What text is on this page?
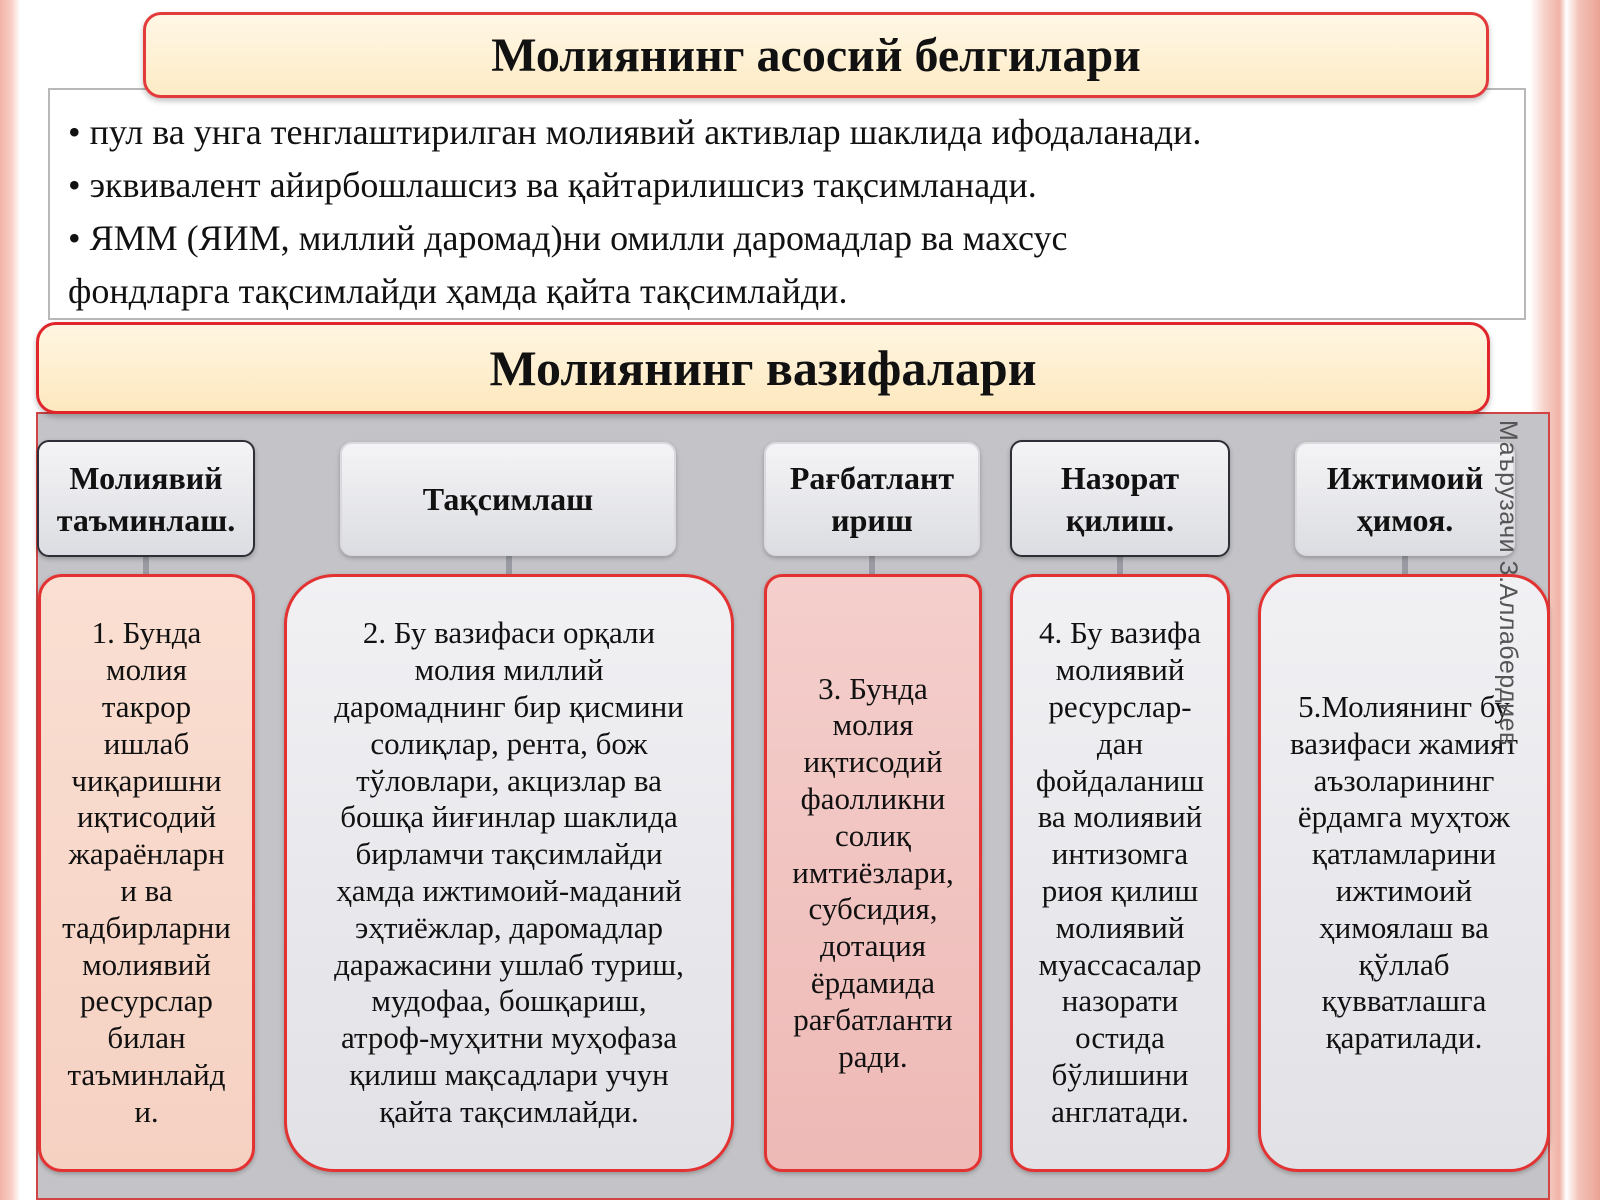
Молиянинг асосий белгилари
• пул ва унга тенглаштирилган молиявий активлар шаклида ифодаланади.
• эквивалент айирбошлашсиз ва қайтарилишсиз тақсимланади.
• ЯММ (ЯИМ, миллий даромад)ни омилли даромадлар ва махсус
фондларга тақсимлайди ҳамда қайта тақсимлайди.
Молиянинг вазифалари
Молиявий
таъминлаш.
Тақсимлаш
Рағбатлант
ириш
Назорат
қилиш.
Ижтимоий
ҳимоя.
1. Бунда
молия
такрор
ишлаб
чиқаришни
иқтисодий
жараёнларн
и ва
тадбирларни
молиявий
ресурслар
билан
таъминлайд
и.
2. Бу вазифаси орқали
молия миллий
даромаднинг бир қисмини
солиқлар, рента, бож
тўловлари, акцизлар ва
бошқа йиғинлар шаклида
бирламчи тақсимлайди
ҳамда ижтимоий-маданий
эҳтиёжлар, даромадлар
даражасини ушлаб туриш,
мудофаа, бошқариш,
атроф-муҳитни муҳофаза
қилиш мақсадлари учун
қайта тақсимлайди.
3. Бунда
молия
иқтисодий
фаолликни
солиқ
имтиёзлари,
субсидия,
дотация
ёрдамида
рағбатланти
ради.
4. Бу вазифа
молиявий
ресурслар-
дан
фойдаланиш
ва молиявий
интизомга
риоя қилиш
молиявий
муассасалар
назорати
остида
бўлишини
англатади.
5.Молиянинг бу
вазифаси жамият
аъзоларининг
ёрдамга муҳтож
қатламларини
ижтимоий
ҳимоялаш ва
қўллаб
қувватлашга
қаратилади.
Маърузачи З.Аллабердиев
